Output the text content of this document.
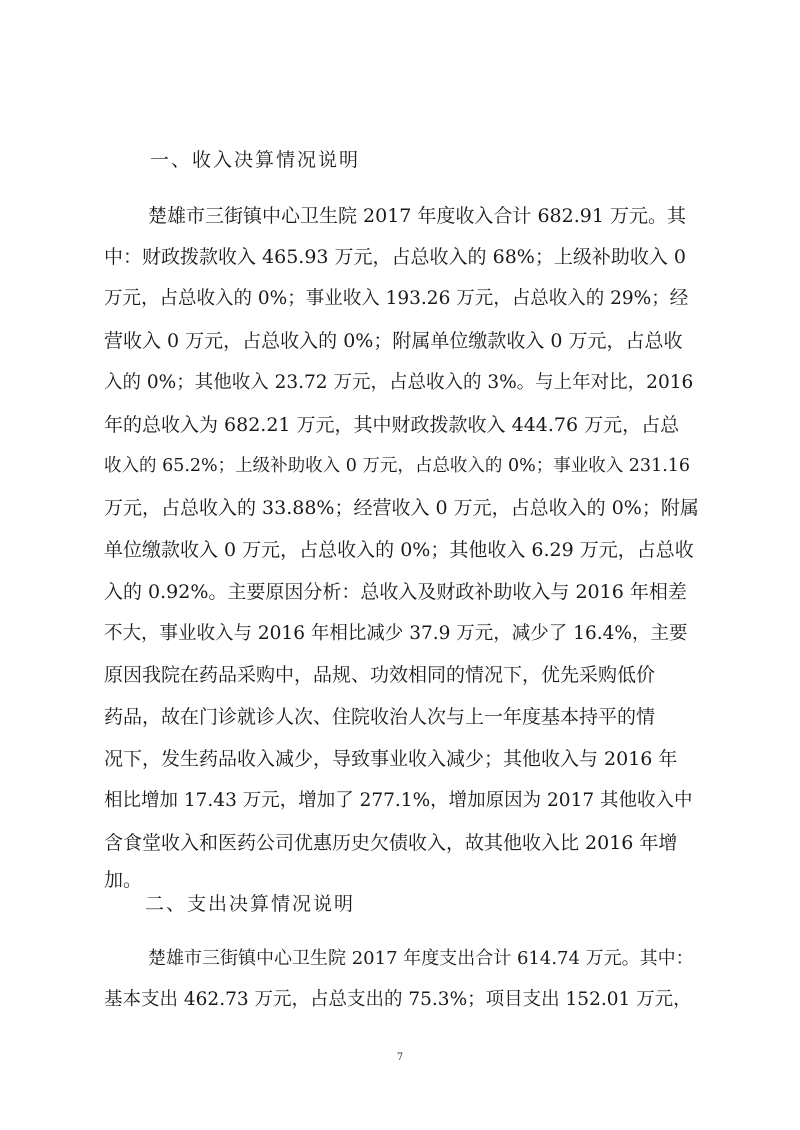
一、收入决算情况说明
楚雄市三街镇中心卫生院 2017 年度收入合计 682.91 万元。其
中：财政拨款收入 465.93 万元，占总收入的 68%；上级补助收入 0
万元，占总收入的 0%；事业收入 193.26 万元，占总收入的 29%；经
营收入 0 万元，占总收入的 0%；附属单位缴款收入 0 万元，占总收
入的 0%；其他收入 23.72 万元，占总收入的 3%。与上年对比，2016
年的总收入为 682.21 万元，其中财政拨款收入 444.76 万元，占总
收入的 65.2%；上级补助收入 0 万元，占总收入的 0%；事业收入 231.16
万元，占总收入的 33.88%；经营收入 0 万元，占总收入的 0%；附属
单位缴款收入 0 万元，占总收入的 0%；其他收入 6.29 万元，占总收
入的 0.92%。主要原因分析：总收入及财政补助收入与 2016 年相差
不大，事业收入与 2016 年相比减少 37.9 万元，减少了 16.4%，主要
原因我院在药品采购中，品规、功效相同的情况下，优先采购低价
药品，故在门诊就诊人次、住院收治人次与上一年度基本持平的情
况下，发生药品收入减少，导致事业收入减少；其他收入与 2016 年
相比增加 17.43 万元，增加了 277.1%，增加原因为 2017 其他收入中
含食堂收入和医药公司优惠历史欠债收入，故其他收入比 2016 年增
加。
二、支出决算情况说明
楚雄市三街镇中心卫生院 2017 年度支出合计 614.74 万元。其中：
基本支出 462.73 万元，占总支出的 75.3%；项目支出 152.01 万元，
7
